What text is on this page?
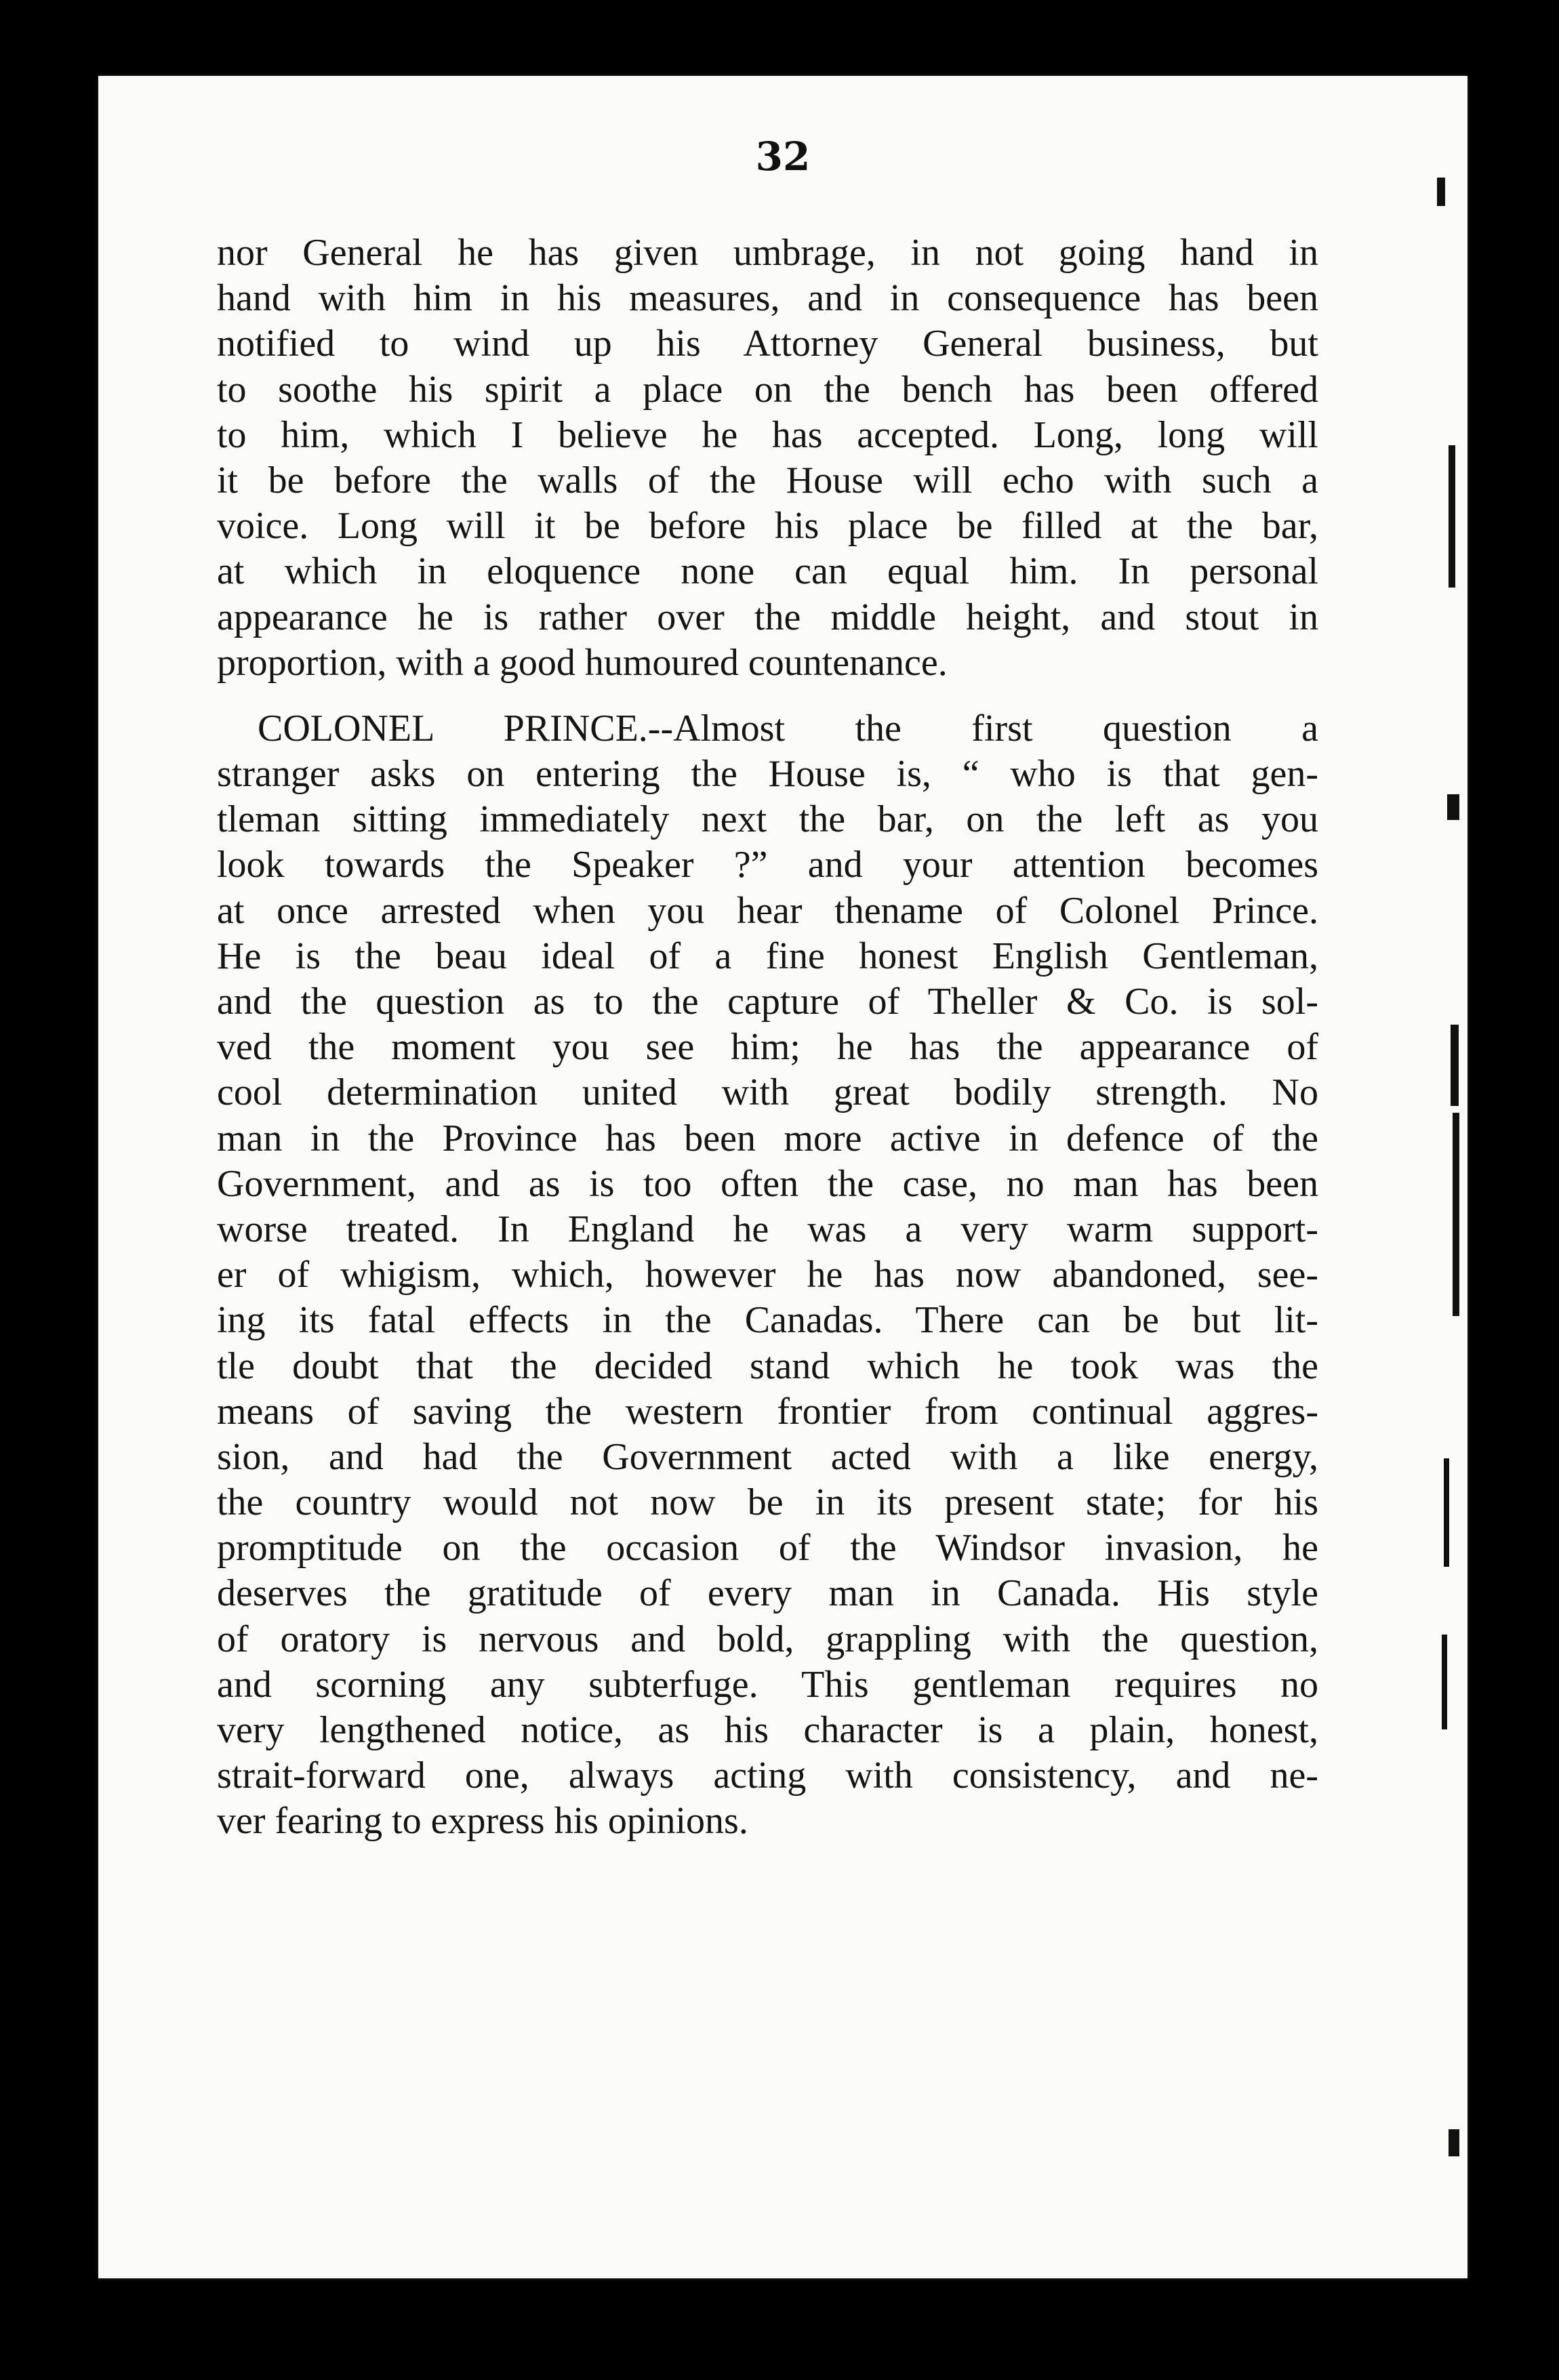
32
nor General he has given umbrage, in not going hand in
hand with him in his measures, and in consequence has been
notified to wind up his Attorney General business, but
to soothe his spirit a place on the bench has been offered
to him, which I believe he has accepted. Long, long will
it be before the walls of the House will echo with such a
voice. Long will it be before his place be filled at the bar,
at which in eloquence none can equal him. In personal
appearance he is rather over the middle height, and stout in
proportion, with a good humoured countenance.
COLONEL PRINCE.--Almost the first question a
stranger asks on entering the House is, “ who is that gen-
tleman sitting immediately next the bar, on the left as you
look towards the Speaker ?” and your attention becomes
at once arrested when you hear thename of Colonel Prince.
He is the beau ideal of a fine honest English Gentleman,
and the question as to the capture of Theller & Co. is sol-
ved the moment you see him; he has the appearance of
cool determination united with great bodily strength. No
man in the Province has been more active in defence of the
Government, and as is too often the case, no man has been
worse treated. In England he was a very warm support-
er of whigism, which, however he has now abandoned, see-
ing its fatal effects in the Canadas. There can be but lit-
tle doubt that the decided stand which he took was the
means of saving the western frontier from continual aggres-
sion, and had the Government acted with a like energy,
the country would not now be in its present state; for his
promptitude on the occasion of the Windsor invasion, he
deserves the gratitude of every man in Canada. His style
of oratory is nervous and bold, grappling with the question,
and scorning any subterfuge. This gentleman requires no
very lengthened notice, as his character is a plain, honest,
strait-forward one, always acting with consistency, and ne-
ver fearing to express his opinions.
